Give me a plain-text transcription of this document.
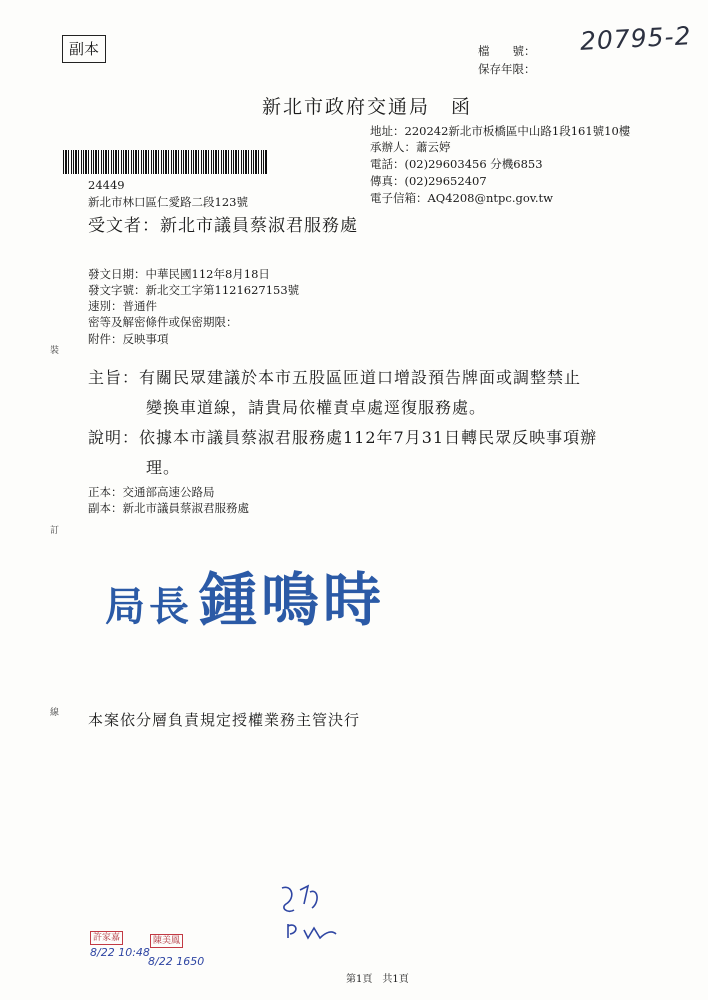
副本	檔　　號：
保存年限：
20795-2
新北市政府交通局　函
地址：220242新北市板橋區中山路1段161號10樓
承辦人：蕭云婷
電話：(02)29603456 分機6853
傳真：(02)29652407
電子信箱：AQ4208@ntpc.gov.tw
24449
新北市林口區仁愛路二段123號
受文者：新北市議員蔡淑君服務處
發文日期：中華民國112年8月18日
發文字號：新北交工字第1121627153號
速別：普通件
密等及解密條件或保密期限：
附件：反映事項
裝
訂
線
主旨：有關民眾建議於本市五股區匝道口增設預告牌面或調整禁止
變換車道線，請貴局依權責卓處逕復服務處。
說明：依據本市議員蔡淑君服務處112年7月31日轉民眾反映事項辦
理。
正本：交通部高速公路局
副本：新北市議員蔡淑君服務處
局長 鍾鳴時
本案依分層負責規定授權業務主管決行
許家嘉
8/22 10:48
陳美鳳
8/22 1650
第1頁　共1頁
